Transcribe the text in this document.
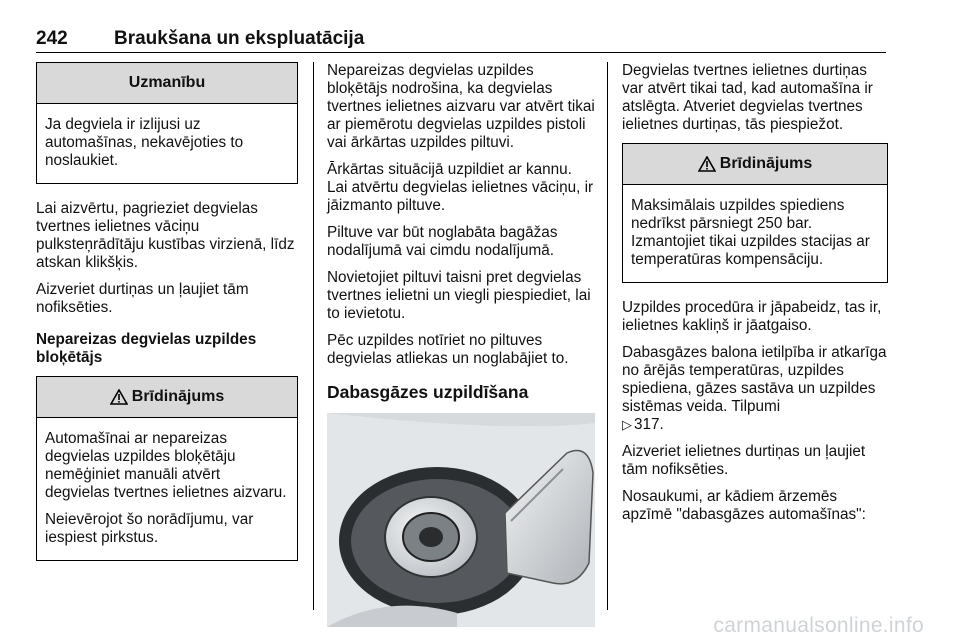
242 Braukšana un ekspluatācija
Uzmanību

Ja degviela ir izlijusi uz automašīnas, nekavējoties to noslaukiet.

Lai aizvērtu, pagrieziet degvielas tvertnes ielietnes vāciņu pulksteņrādītāju kustības virzienā, līdz atskan klikšķis.

Aizveriet durtiņas un ļaujiet tām nofiksēties.

Nepareizas degvielas uzpildes bloķētājs

Brīdinājums

Automašīnai ar nepareizas degvielas uzpildes bloķētāju nemēģiniet manuāli atvērt degvielas tvertnes ielietnes aizvaru.

Neievērojot šo norādījumu, var iespiest pirkstus.

Nepareizas degvielas uzpildes bloķētājs nodrošina, ka degvielas tvertnes ielietnes aizvaru var atvērt tikai ar piemērotu degvielas uzpildes pistoli vai ārkārtas uzpildes piltuvi.

Ārkārtas situācijā uzpildiet ar kannu. Lai atvērtu degvielas ielietnes vāciņu, ir jāizmanto piltuve.

Piltuve var būt noglabāta bagāžas nodalījumā vai cimdu nodalījumā.

Novietojiet piltuvi taisni pret degvielas tvertnes ielietni un viegli piespiediet, lai to ievietotu.

Pēc uzpildes notīriet no piltuves degvielas atliekas un noglabājiet to.

Dabasgāzes uzpildīšana

Degvielas tvertnes ielietnes durtiņas var atvērt tikai tad, kad automašīna ir atslēgta. Atveriet degvielas tvertnes ielietnes durtiņas, tās piespiežot.

Brīdinājums

Maksimālais uzpildes spiediens nedrīkst pārsniegt 250 bar.

Izmantojiet tikai uzpildes stacijas ar temperatūras kompensāciju.

Uzpildes procedūra ir jāpabeidz, tas ir, ielietnes kakliņš ir jāatgaiso.

Dabasgāzes balona ietilpība ir atkarīga no ārējās temperatūras, uzpildes spiediena, gāzes sastāva un uzpildes sistēmas veida. Tilpumi

▷ 317.

Aizveriet ielietnes durtiņas un ļaujiet tām nofiksēties.

Nosaukumi, ar kādiem ārzemēs apzīmē "dabasgāzes automašīnas":

carmanualsonline.info
